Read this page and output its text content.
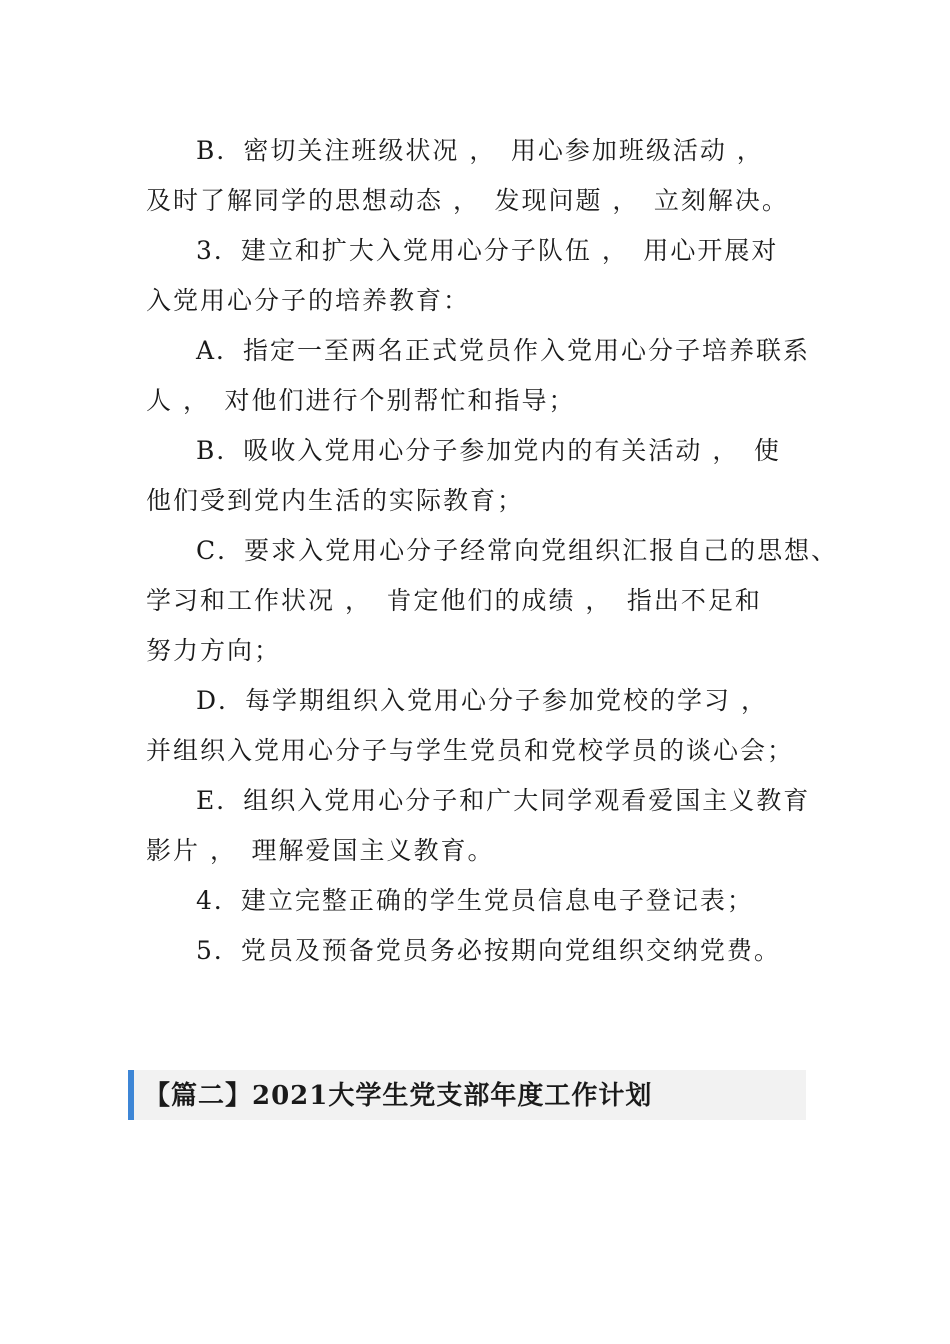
B．密切关注班级状况 ，　用心参加班级活动 ，
及时了解同学的思想动态 ，　发现问题 ，　立刻解决。
3．建立和扩大入党用心分子队伍 ，　用心开展对
入党用心分子的培养教育：
A．指定一至两名正式党员作入党用心分子培养联系
人 ，　对他们进行个别帮忙和指导；
B．吸收入党用心分子参加党内的有关活动 ，　使
他们受到党内生活的实际教育；
C．要求入党用心分子经常向党组织汇报自己的思想、
学习和工作状况 ，　肯定他们的成绩 ，　指出不足和
努力方向；
D．每学期组织入党用心分子参加党校的学习 ，
并组织入党用心分子与学生党员和党校学员的谈心会；
E．组织入党用心分子和广大同学观看爱国主义教育
影片 ，　理解爱国主义教育。
4．建立完整正确的学生党员信息电子登记表；
5．党员及预备党员务必按期向党组织交纳党费。
【篇二】2021大学生党支部年度工作计划
